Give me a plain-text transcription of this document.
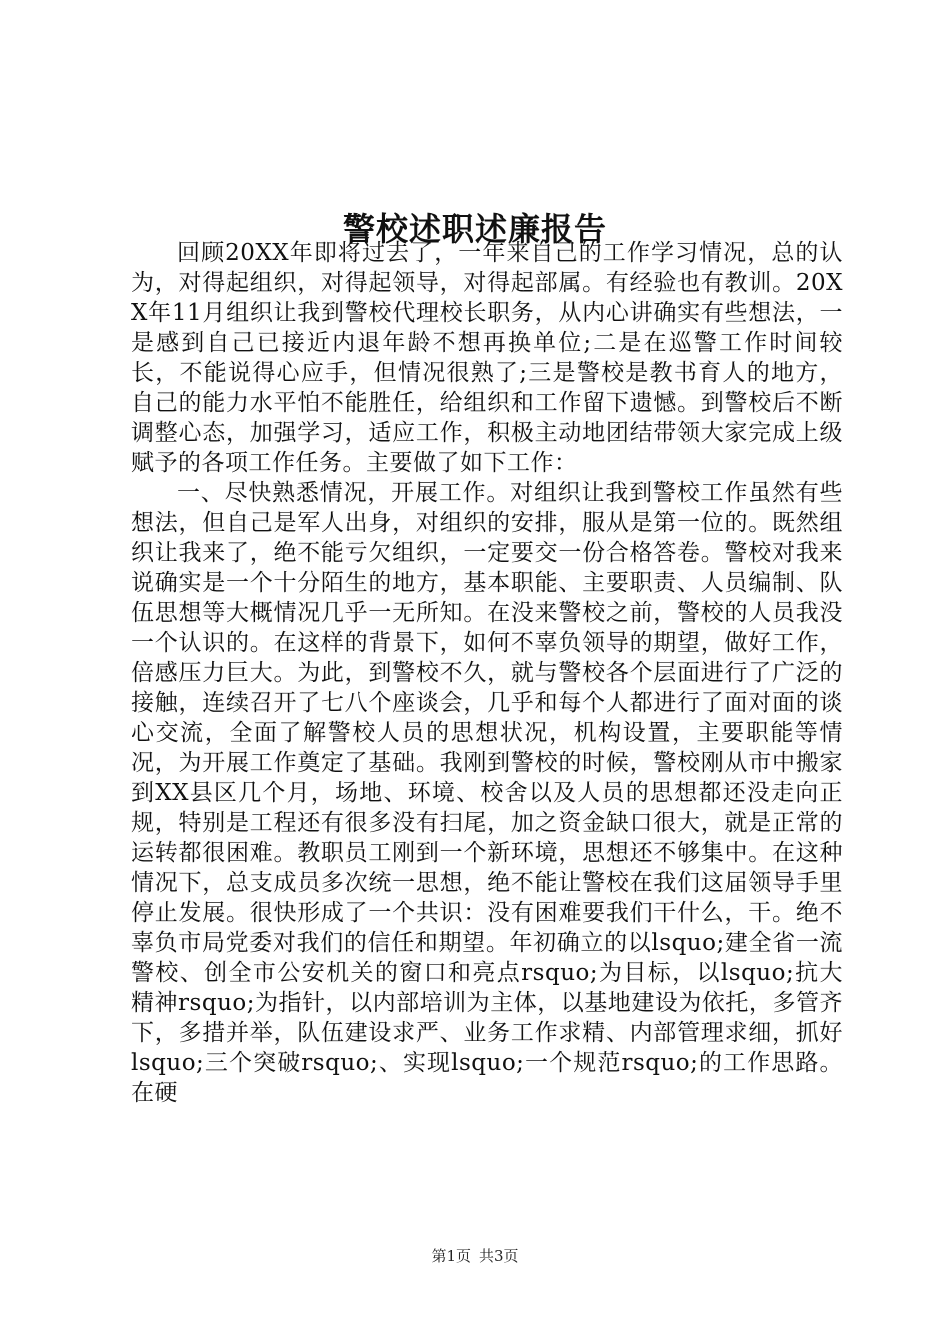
警校述职述廉报告

回顾20XX年即将过去了，一年来自己的工作学习情况，总的认为，对得起组织，对得起领导，对得起部属。有经验也有教训。20XX年11月组织让我到警校代理校长职务，从内心讲确实有些想法，一是感到自己已接近内退年龄不想再换单位;二是在巡警工作时间较长，不能说得心应手，但情况很熟了;三是警校是教书育人的地方，自己的能力水平怕不能胜任，给组织和工作留下遗憾。到警校后不断调整心态，加强学习，适应工作，积极主动地团结带领大家完成上级赋予的各项工作任务。主要做了如下工作：

一、尽快熟悉情况，开展工作。对组织让我到警校工作虽然有些想法，但自己是军人出身，对组织的安排，服从是第一位的。既然组织让我来了，绝不能亏欠组织，一定要交一份合格答卷。警校对我来说确实是一个十分陌生的地方，基本职能、主要职责、人员编制、队伍思想等大概情况几乎一无所知。在没来警校之前，警校的人员我没一个认识的。在这样的背景下，如何不辜负领导的期望，做好工作，倍感压力巨大。为此，到警校不久，就与警校各个层面进行了广泛的接触，连续召开了七八个座谈会，几乎和每个人都进行了面对面的谈心交流，全面了解警校人员的思想状况，机构设置，主要职能等情况，为开展工作奠定了基础。我刚到警校的时候，警校刚从市中搬家到XX县区几个月，场地、环境、校舍以及人员的思想都还没走向正规，特别是工程还有很多没有扫尾，加之资金缺口很大，就是正常的运转都很困难。教职员工刚到一个新环境，思想还不够集中。在这种情况下，总支成员多次统一思想，绝不能让警校在我们这届领导手里停止发展。很快形成了一个共识：没有困难要我们干什么，干。绝不辜负市局党委对我们的信任和期望。年初确立的以lsquo;建全省一流警校、创全市公安机关的窗口和亮点rsquo;为目标，以lsquo;抗大精神rsquo;为指针，以内部培训为主体，以基地建设为依托，多管齐下，多措并举，队伍建设求严、业务工作求精、内部管理求细，抓好lsquo;三个突破rsquo;、实现lsquo;一个规范rsquo;的工作思路。在硬

第1页 共3页
